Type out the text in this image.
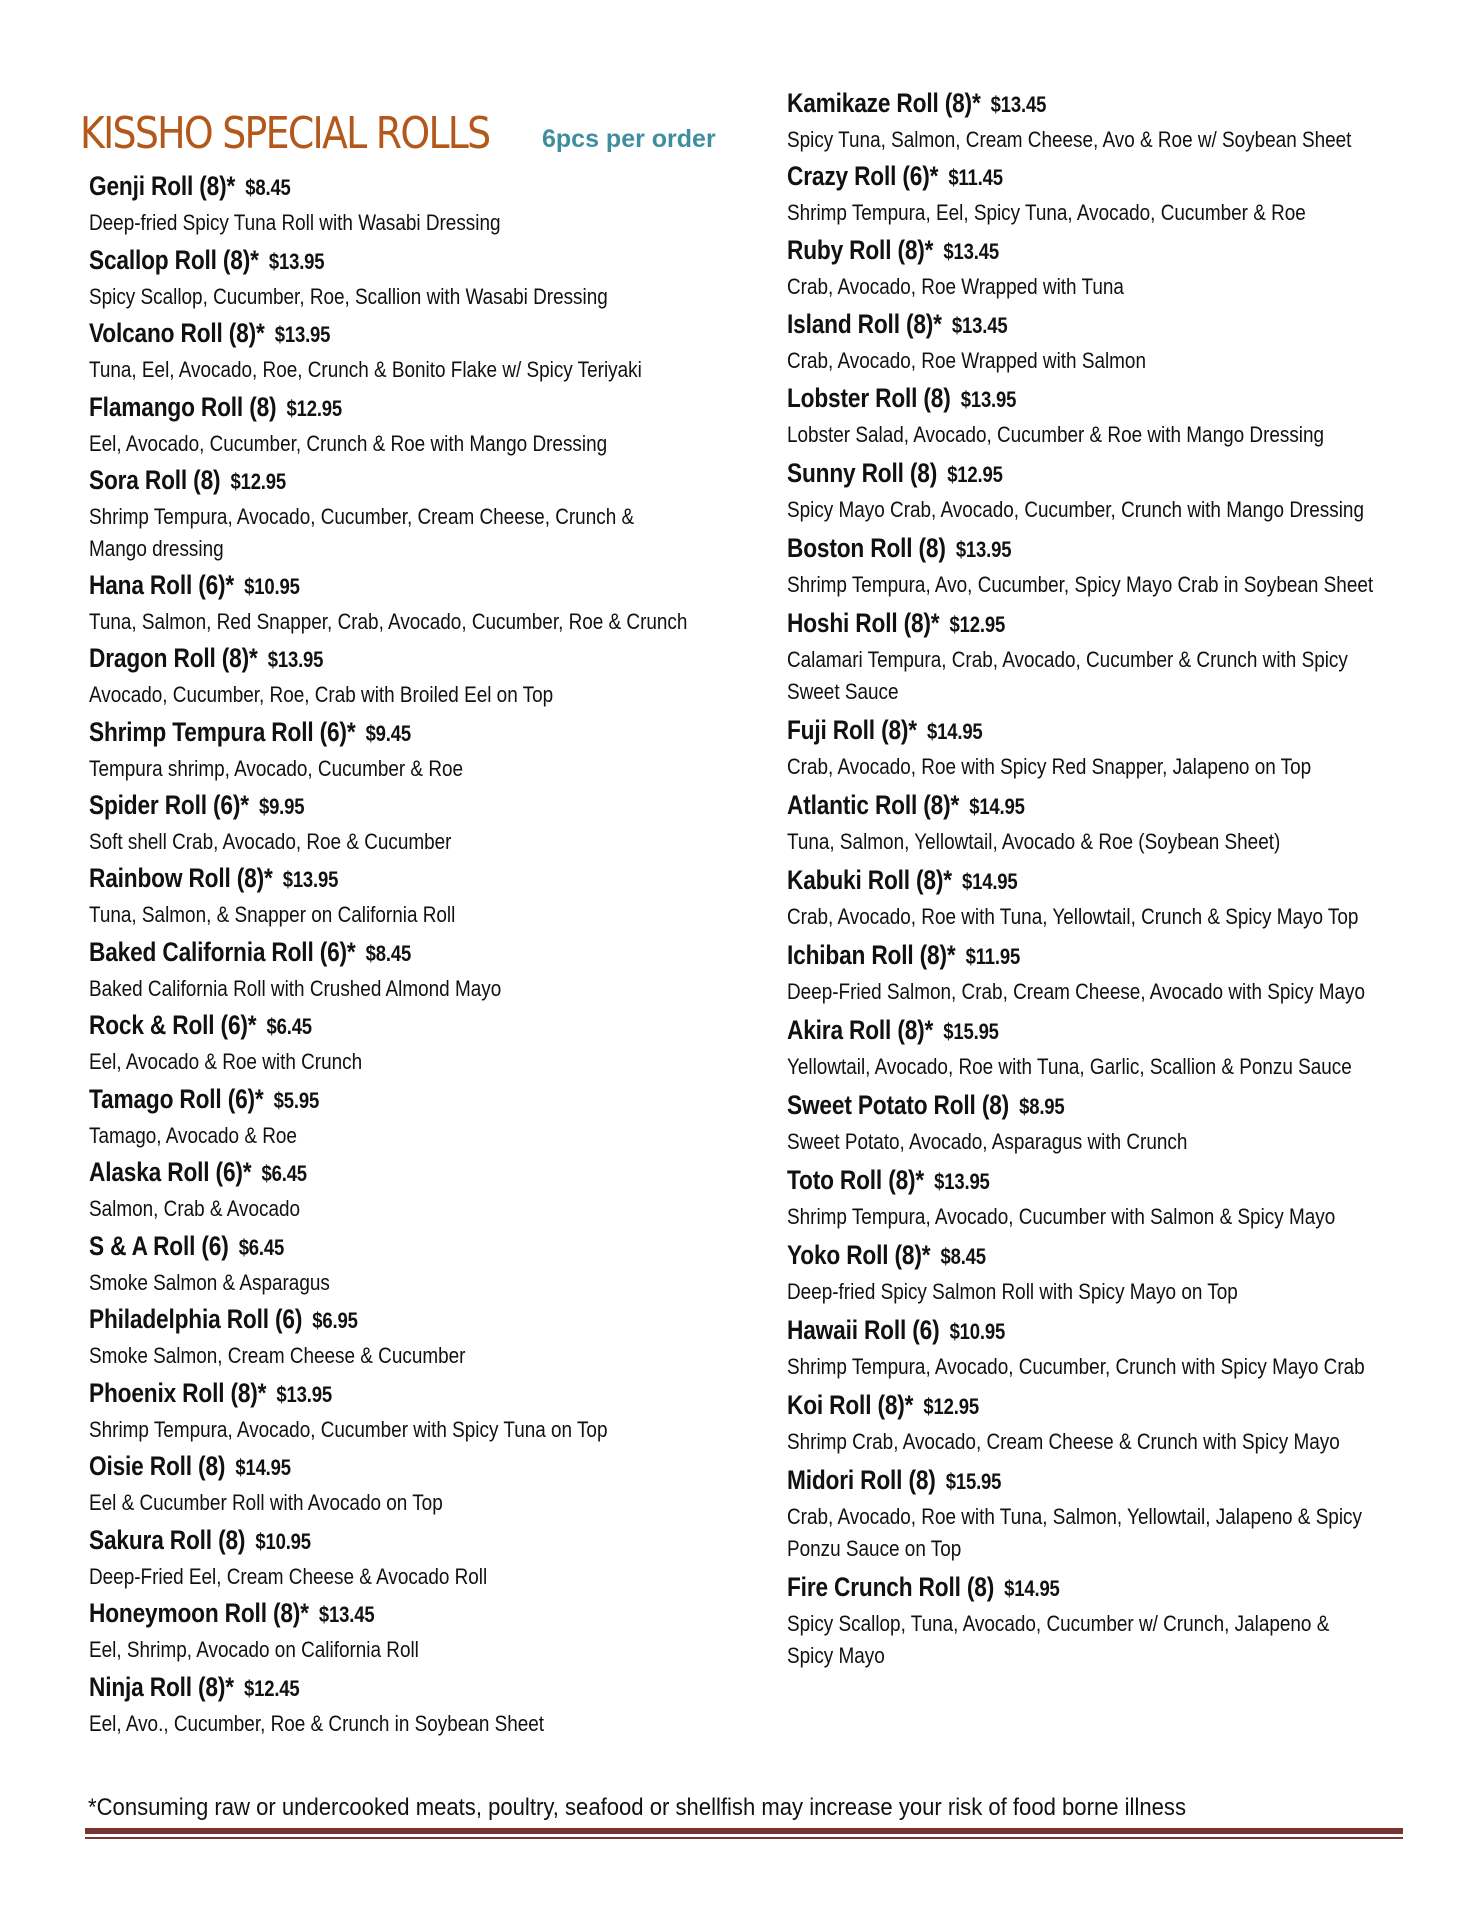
KISSHO SPECIAL ROLLS 6pcs per order
Genji Roll (8)* $8.45
Deep-fried Spicy Tuna Roll with Wasabi Dressing
Scallop Roll (8)* $13.95
Spicy Scallop, Cucumber, Roe, Scallion with Wasabi Dressing
Volcano Roll (8)* $13.95
Tuna, Eel, Avocado, Roe, Crunch & Bonito Flake w/ Spicy Teriyaki
Flamango Roll (8) $12.95
Eel, Avocado, Cucumber, Crunch & Roe with Mango Dressing
Sora Roll (8) $12.95
Shrimp Tempura, Avocado, Cucumber, Cream Cheese, Crunch &
Mango dressing
Hana Roll (6)* $10.95
Tuna, Salmon, Red Snapper, Crab, Avocado, Cucumber, Roe & Crunch
Dragon Roll (8)* $13.95
Avocado, Cucumber, Roe, Crab with Broiled Eel on Top
Shrimp Tempura Roll (6)* $9.45
Tempura shrimp, Avocado, Cucumber & Roe
Spider Roll (6)* $9.95
Soft shell Crab, Avocado, Roe & Cucumber
Rainbow Roll (8)* $13.95
Tuna, Salmon, & Snapper on California Roll
Baked California Roll (6)* $8.45
Baked California Roll with Crushed Almond Mayo
Rock & Roll (6)* $6.45
Eel, Avocado & Roe with Crunch
Tamago Roll (6)* $5.95
Tamago, Avocado & Roe
Alaska Roll (6)* $6.45
Salmon, Crab & Avocado
S & A Roll (6) $6.45
Smoke Salmon & Asparagus
Philadelphia Roll (6) $6.95
Smoke Salmon, Cream Cheese & Cucumber
Phoenix Roll (8)* $13.95
Shrimp Tempura, Avocado, Cucumber with Spicy Tuna on Top
Oisie Roll (8) $14.95
Eel & Cucumber Roll with Avocado on Top
Sakura Roll (8) $10.95
Deep-Fried Eel, Cream Cheese & Avocado Roll
Honeymoon Roll (8)* $13.45
Eel, Shrimp, Avocado on California Roll
Ninja Roll (8)* $12.45
Eel, Avo., Cucumber, Roe & Crunch in Soybean Sheet
Kamikaze Roll (8)* $13.45
Spicy Tuna, Salmon, Cream Cheese, Avo & Roe w/ Soybean Sheet
Crazy Roll (6)* $11.45
Shrimp Tempura, Eel, Spicy Tuna, Avocado, Cucumber & Roe
Ruby Roll (8)* $13.45
Crab, Avocado, Roe Wrapped with Tuna
Island Roll (8)* $13.45
Crab, Avocado, Roe Wrapped with Salmon
Lobster Roll (8) $13.95
Lobster Salad, Avocado, Cucumber & Roe with Mango Dressing
Sunny Roll (8) $12.95
Spicy Mayo Crab, Avocado, Cucumber, Crunch with Mango Dressing
Boston Roll (8) $13.95
Shrimp Tempura, Avo, Cucumber, Spicy Mayo Crab in Soybean Sheet
Hoshi Roll (8)* $12.95
Calamari Tempura, Crab, Avocado, Cucumber & Crunch with Spicy
Sweet Sauce
Fuji Roll (8)* $14.95
Crab, Avocado, Roe with Spicy Red Snapper, Jalapeno on Top
Atlantic Roll (8)* $14.95
Tuna, Salmon, Yellowtail, Avocado & Roe (Soybean Sheet)
Kabuki Roll (8)* $14.95
Crab, Avocado, Roe with Tuna, Yellowtail, Crunch & Spicy Mayo Top
Ichiban Roll (8)* $11.95
Deep-Fried Salmon, Crab, Cream Cheese, Avocado with Spicy Mayo
Akira Roll (8)* $15.95
Yellowtail, Avocado, Roe with Tuna, Garlic, Scallion & Ponzu Sauce
Sweet Potato Roll (8) $8.95
Sweet Potato, Avocado, Asparagus with Crunch
Toto Roll (8)* $13.95
Shrimp Tempura, Avocado, Cucumber with Salmon & Spicy Mayo
Yoko Roll (8)* $8.45
Deep-fried Spicy Salmon Roll with Spicy Mayo on Top
Hawaii Roll (6) $10.95
Shrimp Tempura, Avocado, Cucumber, Crunch with Spicy Mayo Crab
Koi Roll (8)* $12.95
Shrimp Crab, Avocado, Cream Cheese & Crunch with Spicy Mayo
Midori Roll (8) $15.95
Crab, Avocado, Roe with Tuna, Salmon, Yellowtail, Jalapeno & Spicy
Ponzu Sauce on Top
Fire Crunch Roll (8) $14.95
Spicy Scallop, Tuna, Avocado, Cucumber w/ Crunch, Jalapeno &
Spicy Mayo
*Consuming raw or undercooked meats, poultry, seafood or shellfish may increase your risk of food borne illness
